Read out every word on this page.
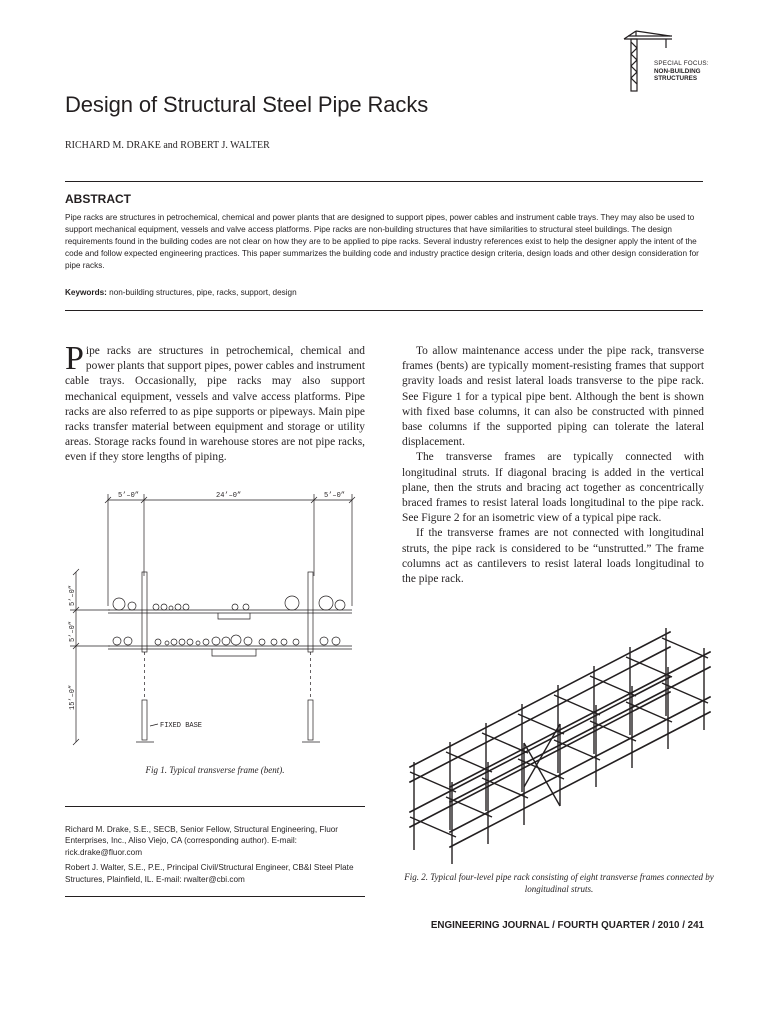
SPECIAL FOCUS:
NON-BUILDING
STRUCTURES
Design of Structural Steel Pipe Racks

RICHARD M. DRAKE and ROBERT J. WALTER

ABSTRACT

Pipe racks are structures in petrochemical, chemical and power plants that are designed to support pipes, power cables and instrument cable trays. They may also be used to support mechanical equipment, vessels and valve access platforms. Pipe racks are non-building structures that have similarities to structural steel buildings. The design requirements found in the building codes are not clear on how they are to be applied to pipe racks. Several industry references exist to help the designer apply the intent of the code and follow expected engineering practices. This paper summarizes the building code and industry practice design criteria, design loads and other design consideration for pipe racks.

Keywords: non-building structures, pipe, racks, support, design

Pipe racks are structures in petrochemical, chemical and power plants that support pipes, power cables and instrument cable trays. Occasionally, pipe racks may also support mechanical equipment, vessels and valve access platforms. Pipe racks are also referred to as pipe supports or pipeways. Main pipe racks transfer material between equipment and storage or utility areas. Storage racks found in warehouse stores are not pipe racks, even if they store lengths of piping.

To allow maintenance access under the pipe rack, transverse frames (bents) are typically moment-resisting frames that support gravity loads and resist lateral loads transverse to the pipe rack. See Figure 1 for a typical pipe bent. Although the bent is shown with fixed base columns, it can also be constructed with pinned base columns if the supported piping can tolerate the lateral displacement.

The transverse frames are typically connected with longitudinal struts. If diagonal bracing is added in the vertical plane, then the struts and bracing act together as concentrically braced frames to resist lateral loads longitudinal to the pipe rack. See Figure 2 for an isometric view of a typical pipe rack.

If the transverse frames are not connected with longitudinal struts, the pipe rack is considered to be “unstrutted.” The frame columns act as cantilevers to resist lateral loads longitudinal to the pipe rack.

5’–0”	24’–0”	5’–0”
5’–0”
5’–0”
15’–0”
FIXED BASE

Fig 1. Typical transverse frame (bent).

Fig. 2. Typical four-level pipe rack consisting of eight transverse frames connected by longitudinal struts.

Richard M. Drake, S.E., SECB, Senior Fellow, Structural Engineering, Fluor Enterprises, Inc., Aliso Viejo, CA (corresponding author). E-mail: rick.drake@fluor.com

Robert J. Walter, S.E., P.E., Principal Civil/Structural Engineer, CB&I Steel Plate Structures, Plainfield, IL. E-mail: rwalter@cbi.com

ENGINEERING JOURNAL / FOURTH QUARTER / 2010 / 241
